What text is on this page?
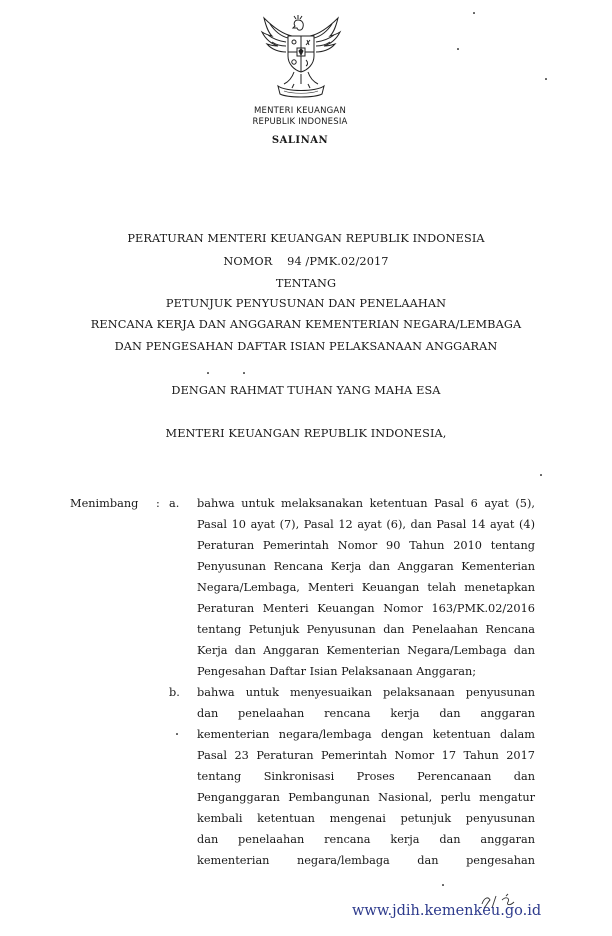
MENTERI KEUANGAN
REPUBLIK INDONESIA
SALINAN
PERATURAN MENTERI KEUANGAN REPUBLIK INDONESIA
NOMOR    94 /PMK.02/2017
TENTANG
PETUNJUK PENYUSUNAN DAN PENELAAHAN
RENCANA KERJA DAN ANGGARAN KEMENTERIAN NEGARA/LEMBAGA
DAN PENGESAHAN DAFTAR ISIAN PELAKSANAAN ANGGARAN
DENGAN RAHMAT TUHAN YANG MAHA ESA
MENTERI KEUANGAN REPUBLIK INDONESIA,
Menimbang : a. bahwa untuk melaksanakan ketentuan Pasal 6 ayat (5),
Pasal 10 ayat (7), Pasal 12 ayat (6), dan Pasal 14 ayat (4)
Peraturan Pemerintah Nomor 90 Tahun 2010 tentang
Penyusunan Rencana Kerja dan Anggaran Kementerian
Negara/Lembaga, Menteri Keuangan telah menetapkan
Peraturan Menteri Keuangan Nomor 163/PMK.02/2016
tentang Petunjuk Penyusunan dan Penelaahan Rencana
Kerja dan Anggaran Kementerian Negara/Lembaga dan
Pengesahan Daftar Isian Pelaksanaan Anggaran;
b. bahwa untuk menyesuaikan pelaksanaan penyusunan
dan penelaahan rencana kerja dan anggaran
kementerian negara/lembaga dengan ketentuan dalam
Pasal 23 Peraturan Pemerintah Nomor 17 Tahun 2017
tentang Sinkronisasi Proses Perencanaan dan
Penganggaran Pembangunan Nasional, perlu mengatur
kembali ketentuan mengenai petunjuk penyusunan
dan penelaahan rencana kerja dan anggaran
kementerian negara/lembaga dan pengesahan
www.jdih.kemenkeu.go.id
